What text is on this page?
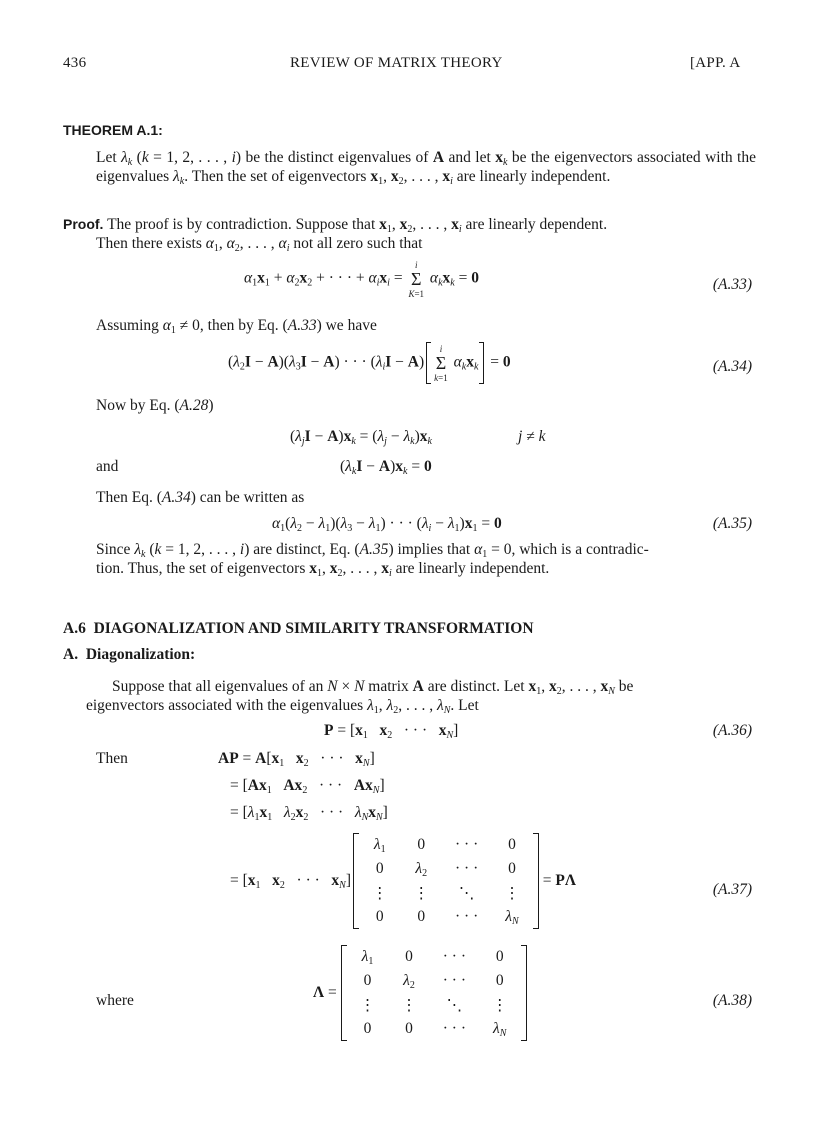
436	REVIEW OF MATRIX THEORY	[APP. A
THEOREM A.1:
Let $\lambda_k$ (k = 1, 2, . . . , i) be the distinct eigenvalues of A and let $x_k$ be the eigenvectors associated with the eigenvalues $\lambda_k$. Then the set of eigenvectors $x_1$, $x_2$, . . . , $x_i$ are linearly independent.
Proof. The proof is by contradiction. Suppose that $x_1$, $x_2$, . . . , $x_i$ are linearly dependent.
Then there exists $\alpha_1$, $\alpha_2$, . . . , $\alpha_i$ not all zero such that
$\alpha_1x_1 + \alpha_2x_2$ + · · · + $\alpha_ix_i = i$
Σ
K=1 $\alpha_kx_k = 0$	(A.33)
Assuming $\alpha_1 \ne 0$, then by Eq. (A.33) we have
$(\lambda_2I - A)(\lambda_3I - A)$ · · · $(\lambda_iI - A)$
i
Σ
k=1 $\alpha_kx_k = 0$	(A.34)
Now by Eq. (A.28)
$(\lambda_jI - A)x_k = (\lambda_j - \lambda_k)x_k$	j ≠ k
and	$(\lambda_kI - A)x_k = 0$
Then Eq. (A.34) can be written as
$\alpha_1(\lambda_2 - \lambda_1)(\lambda_3 - \lambda_1)$ · · · $(\lambda_i - \lambda_1)x_1 = 0$	(A.35)
Since $\lambda_k$ (k = 1, 2, . . . , i) are distinct, Eq. (A.35) implies that $\alpha_1 = 0$, which is a contradic-
tion. Thus, the set of eigenvectors $x_1$, $x_2$, . . . , $x_i$ are linearly independent.
A.6 DIAGONALIZATION AND SIMILARITY TRANSFORMATION
A. Diagonalization:
Suppose that all eigenvalues of an N × N matrix A are distinct. Let $x_1$, $x_2$, . . . , $x_N$ be
eigenvectors associated with the eigenvalues $\lambda_1$, $\lambda_2$, . . . , $\lambda_N$. Let
$P = [x_1$ $x_2$   · · ·   $x_N$]	(A.36)
Then	AP = $A[x_1$ $x_2$   · · ·   $x_N$]
= [$Ax_1$ $Ax_2$   · · ·   $Ax_N$]
= [$\lambda_1x_1$ $\lambda_2x_2$   · · ·   $\lambda_Nx_N$]
= [$x_1$ $x_2$   · · ·   $x_N$]
$\lambda_1$	0	· · ·	0
0	$\lambda_2$	· · ·	0
⋮	⋮	⋱	⋮
0	0	· · ·	$\lambda_N$
= PΛ
(A.37)
where	Λ =
$\lambda_1$	0	· · ·	0
0	$\lambda_2$	· · ·	0
⋮	⋮	⋱	⋮
0	0	· · ·	$\lambda_N$
(A.38)
